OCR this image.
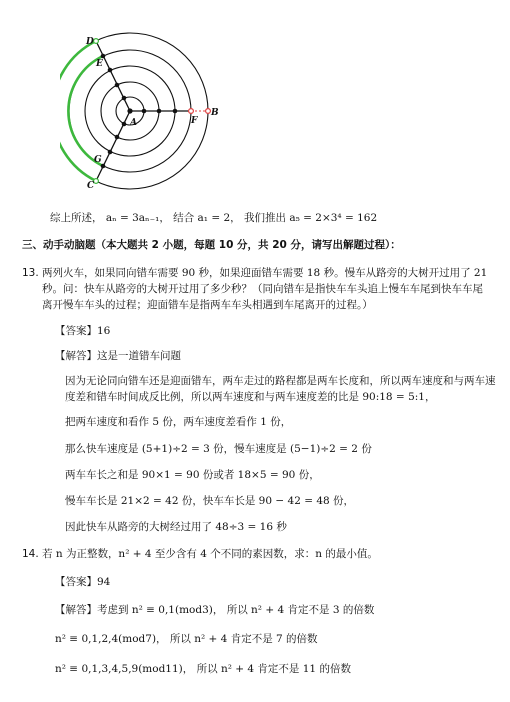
D
E
A	F
B
G
C
综上所述， aₙ = 3aₙ₋₁， 结合 a₁ = 2， 我们推出 a₅ = 2×3⁴ = 162
三、动手动脑题（本大题共 2 小题，每题 10 分，共 20 分，请写出解题过程）：
13. 两列火车，如果同向错车需要 90 秒，如果迎面错车需要 18 秒。慢车从路旁的大树开过用了 21
秒。问：快车从路旁的大树开过用了多少秒？（同向错车是指快车车头追上慢车车尾到快车车尾
离开慢车车头的过程；迎面错车是指两车车头相遇到车尾离开的过程。）
【答案】16
【解答】这是一道错车问题
因为无论同向错车还是迎面错车，两车走过的路程都是两车长度和，所以两车速度和与两车速
度差和错车时间成反比例，所以两车速度和与两车速度差的比是 90:18 = 5:1，
把两车速度和看作 5 份，两车速度差看作 1 份，
那么快车速度是 (5+1)÷2 = 3 份，慢车速度是 (5−1)÷2 = 2 份
两车车长之和是 90×1 = 90 份或者 18×5 = 90 份，
慢车车长是 21×2 = 42 份，快车车长是 90 − 42 = 48 份，
因此快车从路旁的大树经过用了 48÷3 = 16 秒
14. 若 n 为正整数，n² + 4 至少含有 4 个不同的素因数，求：n 的最小值。
【答案】94
【解答】考虑到 n² ≡ 0,1(mod3)， 所以 n² + 4 肯定不是 3 的倍数
n² ≡ 0,1,2,4(mod7)， 所以 n² + 4 肯定不是 7 的倍数
n² ≡ 0,1,3,4,5,9(mod11)， 所以 n² + 4 肯定不是 11 的倍数
